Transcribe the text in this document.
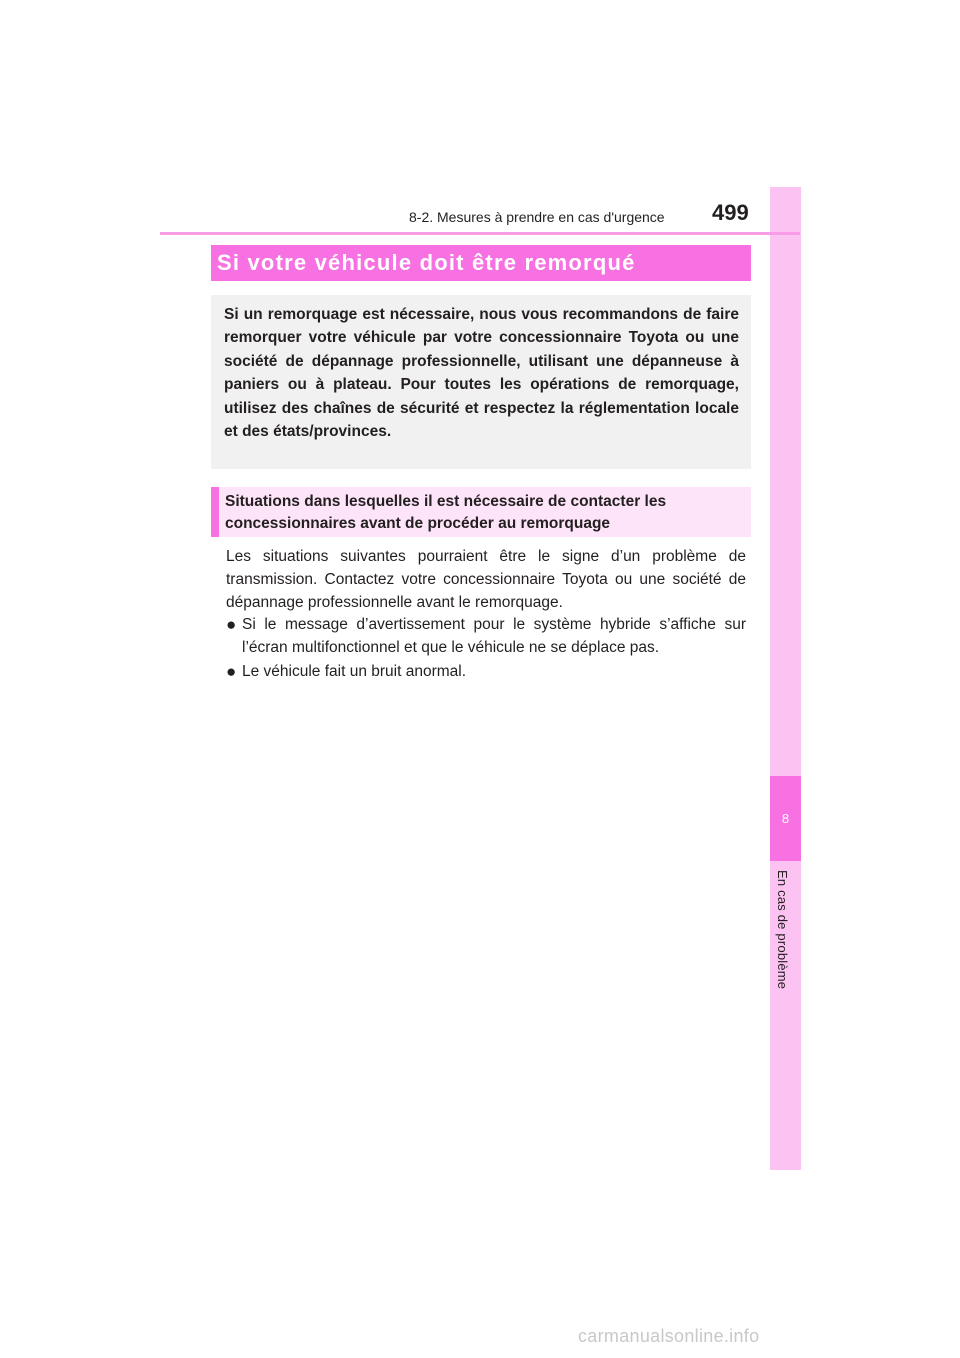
8
En cas de problème
8-2. Mesures à prendre en cas d'urgence 499
Si votre véhicule doit être remorqué

Si un remorquage est nécessaire, nous vous recommandons de faire remorquer votre véhicule par votre concessionnaire Toyota ou une société de dépannage professionnelle, utilisant une dépanneuse à paniers ou à plateau. Pour toutes les opérations de remorquage, utilisez des chaînes de sécurité et respectez la réglementation locale et des états/provinces.

Situations dans lesquelles il est nécessaire de contacter les concessionnaires avant de procéder au remorquage

Les situations suivantes pourraient être le signe d’un problème de transmission. Contactez votre concessionnaire Toyota ou une société de dépannage professionnelle avant le remorquage.

● Si le message d’avertissement pour le système hybride s’affiche sur l’écran multifonctionnel et que le véhicule ne se déplace pas.
● Le véhicule fait un bruit anormal.
carmanualsonline.info
